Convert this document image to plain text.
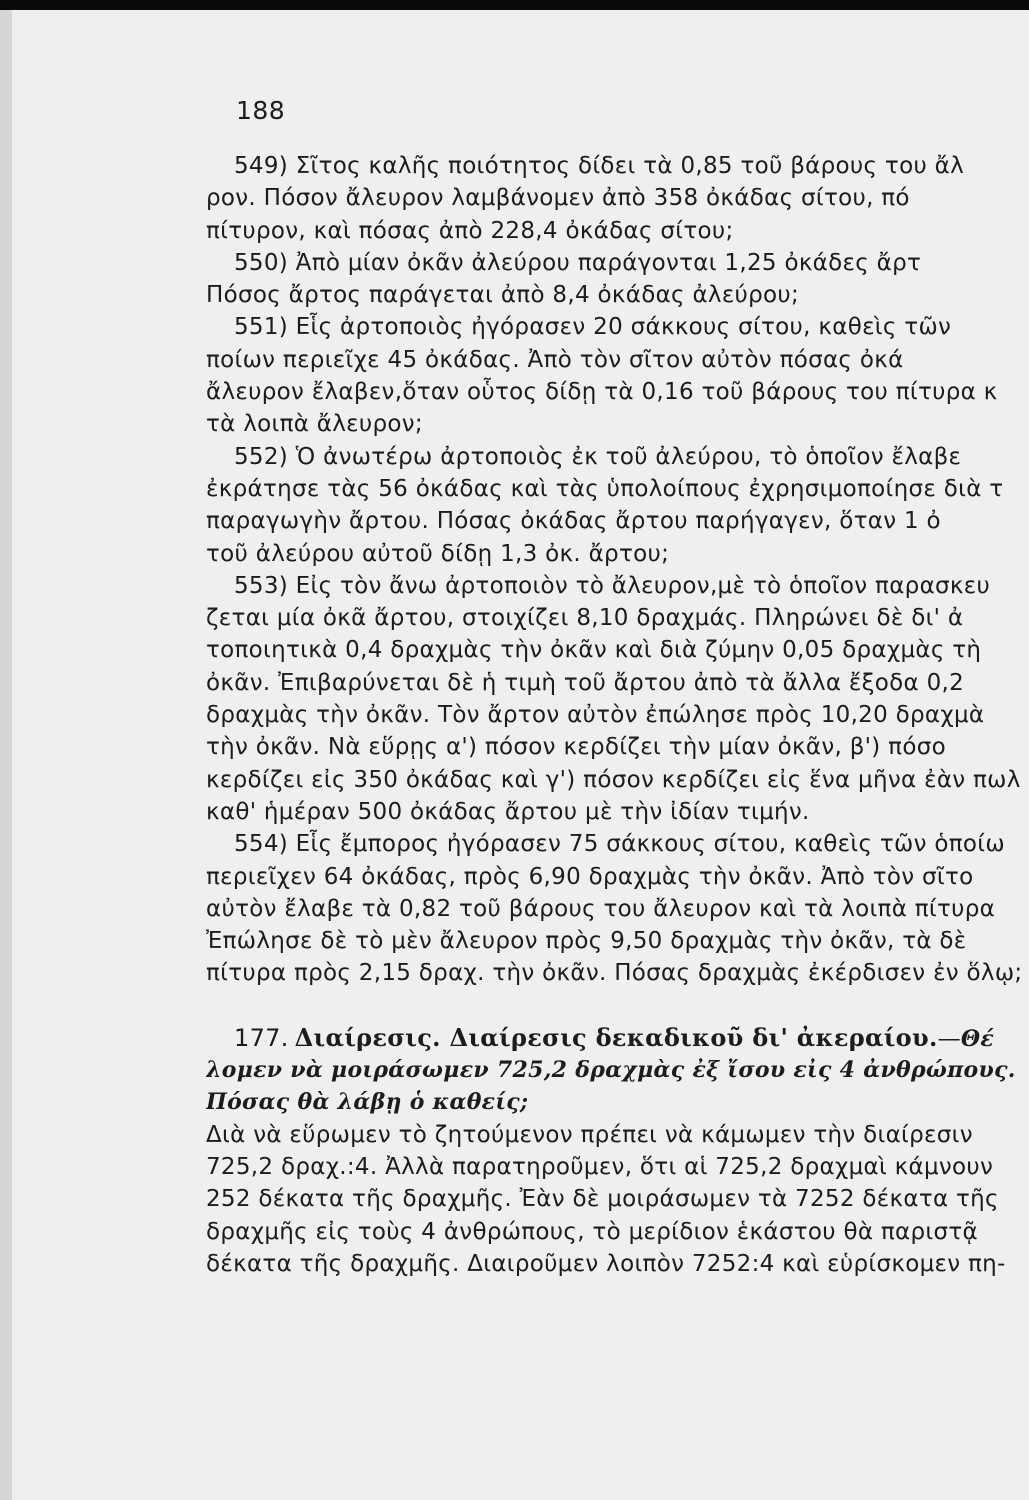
188
549) Σῖτος καλῆς ποιότητος δίδει τὰ 0,85 τοῦ βάρους του ἄλ
ρον. Πόσον ἄλευρον λαμβάνομεν ἀπὸ 358 ὀκάδας σίτου, πό
πίτυρον, καὶ πόσας ἀπὸ 228,4 ὀκάδας σίτου;
550) Ἀπὸ μίαν ὀκᾶν ἀλεύρου παράγονται 1,25 ὀκάδες ἄρτ
Πόσος ἄρτος παράγεται ἀπὸ 8,4 ὀκάδας ἀλεύρου;
551) Εἷς ἀρτοποιὸς ἠγόρασεν 20 σάκκους σίτου, καθεὶς τῶν
ποίων περιεῖχε 45 ὀκάδας. Ἀπὸ τὸν σῖτον αὐτὸν πόσας ὀκά
ἄλευρον ἔλαβεν,ὅταν οὗτος δίδῃ τὰ 0,16 τοῦ βάρους του πίτυρα κ
τὰ λοιπὰ ἄλευρον;
552) Ὁ ἀνωτέρω ἀρτοποιὸς ἐκ τοῦ ἀλεύρου, τὸ ὁποῖον ἔλαβε
ἐκράτησε τὰς 56 ὀκάδας καὶ τὰς ὑπολοίπους ἐχρησιμοποίησε διὰ τ
παραγωγὴν ἄρτου. Πόσας ὀκάδας ἄρτου παρήγαγεν, ὅταν 1 ὀ
τοῦ ἀλεύρου αὐτοῦ δίδῃ 1,3 ὀκ. ἄρτου;
553) Εἰς τὸν ἄνω ἀρτοποιὸν τὸ ἄλευρον,μὲ τὸ ὁποῖον παρασκευ
ζεται μία ὀκᾶ ἄρτου, στοιχίζει 8,10 δραχμάς. Πληρώνει δὲ δι' ἀ
τοποιητικὰ 0,4 δραχμὰς τὴν ὀκᾶν καὶ διὰ ζύμην 0,05 δραχμὰς τὴ
ὀκᾶν. Ἐπιβαρύνεται δὲ ἡ τιμὴ τοῦ ἄρτου ἀπὸ τὰ ἄλλα ἔξοδα 0,2
δραχμὰς τὴν ὀκᾶν. Τὸν ἄρτον αὐτὸν ἐπώλησε πρὸς 10,20 δραχμὰ
τὴν ὀκᾶν. Νὰ εὕρῃς α') πόσον κερδίζει τὴν μίαν ὀκᾶν, β') πόσο
κερδίζει εἰς 350 ὀκάδας καὶ γ') πόσον κερδίζει εἰς ἕνα μῆνα ἐὰν πωλ
καθ' ἡμέραν 500 ὀκάδας ἄρτου μὲ τὴν ἰδίαν τιμήν.
554) Εἷς ἔμπορος ἠγόρασεν 75 σάκκους σίτου, καθεὶς τῶν ὁποίω
περιεῖχεν 64 ὀκάδας, πρὸς 6,90 δραχμὰς τὴν ὀκᾶν. Ἀπὸ τὸν σῖτο
αὐτὸν ἔλαβε τὰ 0,82 τοῦ βάρους του ἄλευρον καὶ τὰ λοιπὰ πίτυρα
Ἐπώλησε δὲ τὸ μὲν ἄλευρον πρὸς 9,50 δραχμὰς τὴν ὀκᾶν, τὰ δὲ
πίτυρα πρὸς 2,15 δραχ. τὴν ὀκᾶν. Πόσας δραχμὰς ἐκέρδισεν ἐν ὅλῳ;
177. Διαίρεσις. Διαίρεσις δεκαδικοῦ δι' ἀκεραίου.—Θέ
λομεν νὰ μοιράσωμεν 725,2 δραχμὰς ἐξ ἴσου εἰς 4 ἀνθρώπους.
Πόσας θὰ λάβῃ ὁ καθείς;
Διὰ νὰ εὕρωμεν τὸ ζητούμενον πρέπει νὰ κάμωμεν τὴν διαίρεσιν
725,2 δραχ.:4. Ἀλλὰ παρατηροῦμεν, ὅτι αἱ 725,2 δραχμαὶ κάμνουν
252 δέκατα τῆς δραχμῆς. Ἐὰν δὲ μοιράσωμεν τὰ 7252 δέκατα τῆς
δραχμῆς εἰς τοὺς 4 ἀνθρώπους, τὸ μερίδιον ἑκάστου θὰ παριστᾷ
δέκατα τῆς δραχμῆς. Διαιροῦμεν λοιπὸν 7252:4 καὶ εὑρίσκομεν πη-
